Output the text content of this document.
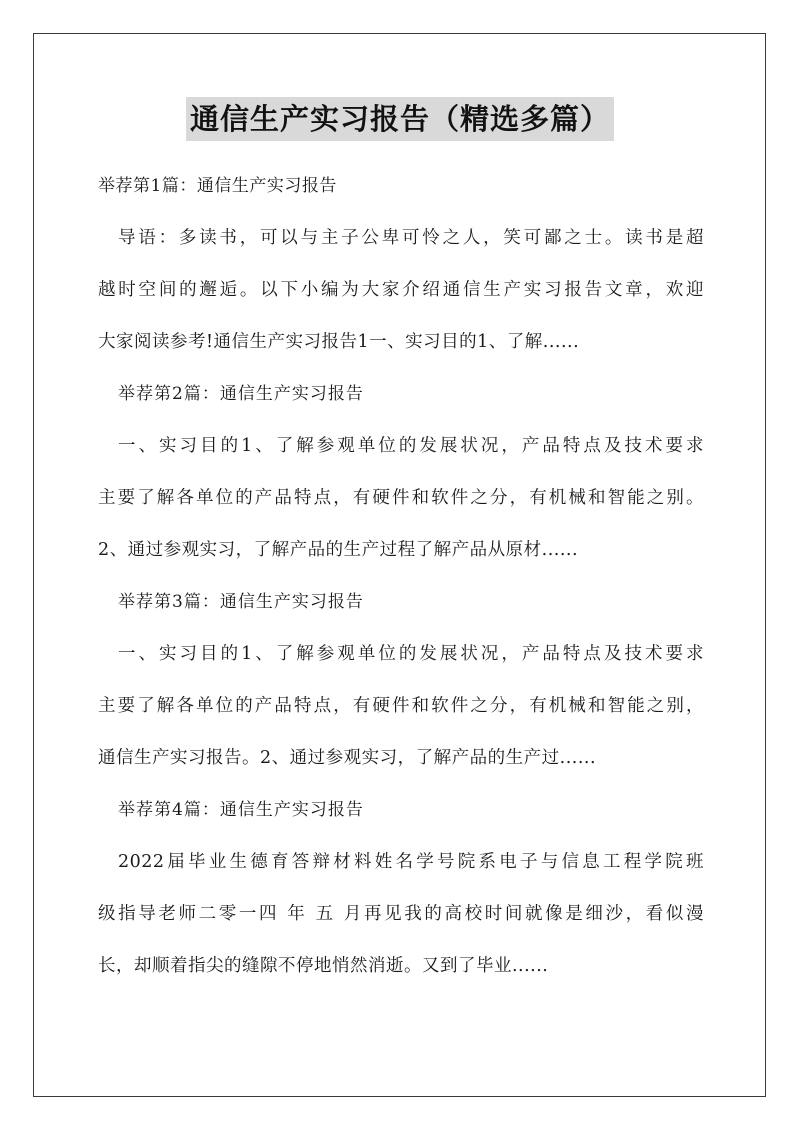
通信生产实习报告（精选多篇）
举荐第1篇：通信生产实习报告
导语：多读书，可以与主子公卑可怜之人，笑可鄙之士。读书是超
越时空间的邂逅。以下小编为大家介绍通信生产实习报告文章，欢迎
大家阅读参考!通信生产实习报告1一、实习目的1、了解......
举荐第2篇：通信生产实习报告
一、实习目的1、了解参观单位的发展状况，产品特点及技术要求
主要了解各单位的产品特点，有硬件和软件之分，有机械和智能之别。
2、通过参观实习，了解产品的生产过程了解产品从原材......
举荐第3篇：通信生产实习报告
一、实习目的1、了解参观单位的发展状况，产品特点及技术要求
主要了解各单位的产品特点，有硬件和软件之分，有机械和智能之别，
通信生产实习报告。2、通过参观实习，了解产品的生产过......
举荐第4篇：通信生产实习报告
2022届毕业生德育答辩材料姓名学号院系电子与信息工程学院班
级指导老师二零一四 年 五 月再见我的高校时间就像是细沙，看似漫
长，却顺着指尖的缝隙不停地悄然消逝。又到了毕业......
